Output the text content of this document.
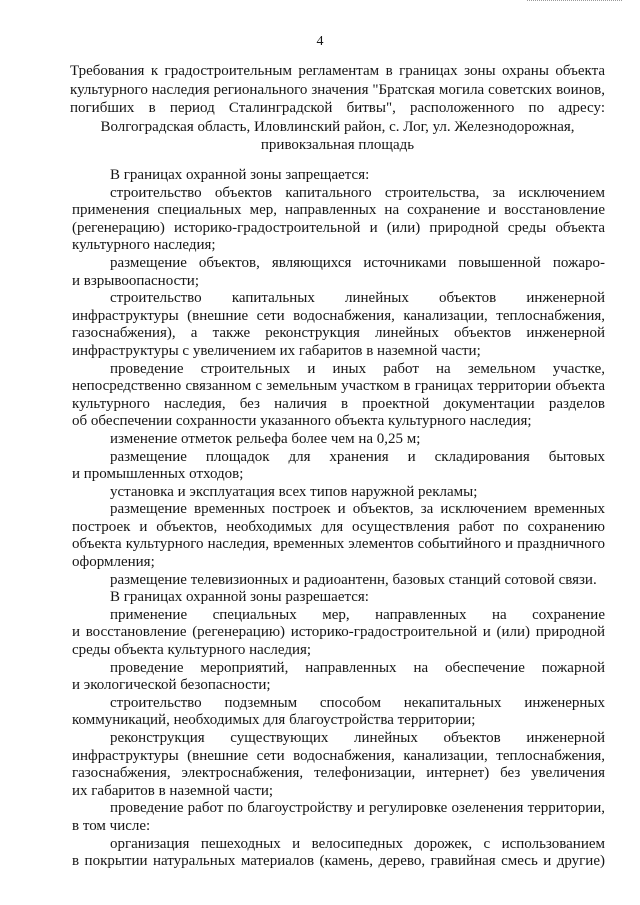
4
Требования к градостроительным регламентам в границах зоны охраны объекта
культурного наследия регионального значения "Братская могила советских воинов,
погибших в период Сталинградской битвы", расположенного по адресу:
Волгоградская область, Иловлинский район, с. Лог, ул. Железнодорожная,
привокзальная площадь
В границах охранной зоны запрещается:
строительство объектов капитального строительства, за исключением
применения специальных мер, направленных на сохранение и восстановление
(регенерацию) историко-градостроительной и (или) природной среды объекта
культурного наследия;
размещение объектов, являющихся источниками повышенной пожаро-
и взрывоопасности;
строительство капитальных линейных объектов инженерной
инфраструктуры (внешние сети водоснабжения, канализации, теплоснабжения,
газоснабжения), а также реконструкция линейных объектов инженерной
инфраструктуры с увеличением их габаритов в наземной части;
проведение строительных и иных работ на земельном участке,
непосредственно связанном с земельным участком в границах территории объекта
культурного наследия, без наличия в проектной документации разделов
об обеспечении сохранности указанного объекта культурного наследия;
изменение отметок рельефа более чем на 0,25 м;
размещение площадок для хранения и складирования бытовых
и промышленных отходов;
установка и эксплуатация всех типов наружной рекламы;
размещение временных построек и объектов, за исключением временных
построек и объектов, необходимых для осуществления работ по сохранению
объекта культурного наследия, временных элементов событийного и праздничного
оформления;
размещение телевизионных и радиоантенн, базовых станций сотовой связи.
В границах охранной зоны разрешается:
применение специальных мер, направленных на сохранение
и восстановление (регенерацию) историко-градостроительной и (или) природной
среды объекта культурного наследия;
проведение мероприятий, направленных на обеспечение пожарной
и экологической безопасности;
строительство подземным способом некапитальных инженерных
коммуникаций, необходимых для благоустройства территории;
реконструкция существующих линейных объектов инженерной
инфраструктуры (внешние сети водоснабжения, канализации, теплоснабжения,
газоснабжения, электроснабжения, телефонизации, интернет) без увеличения
их габаритов в наземной части;
проведение работ по благоустройству и регулировке озеленения территории,
в том числе:
организация пешеходных и велосипедных дорожек, с использованием
в покрытии натуральных материалов (камень, дерево, гравийная смесь и другие)
